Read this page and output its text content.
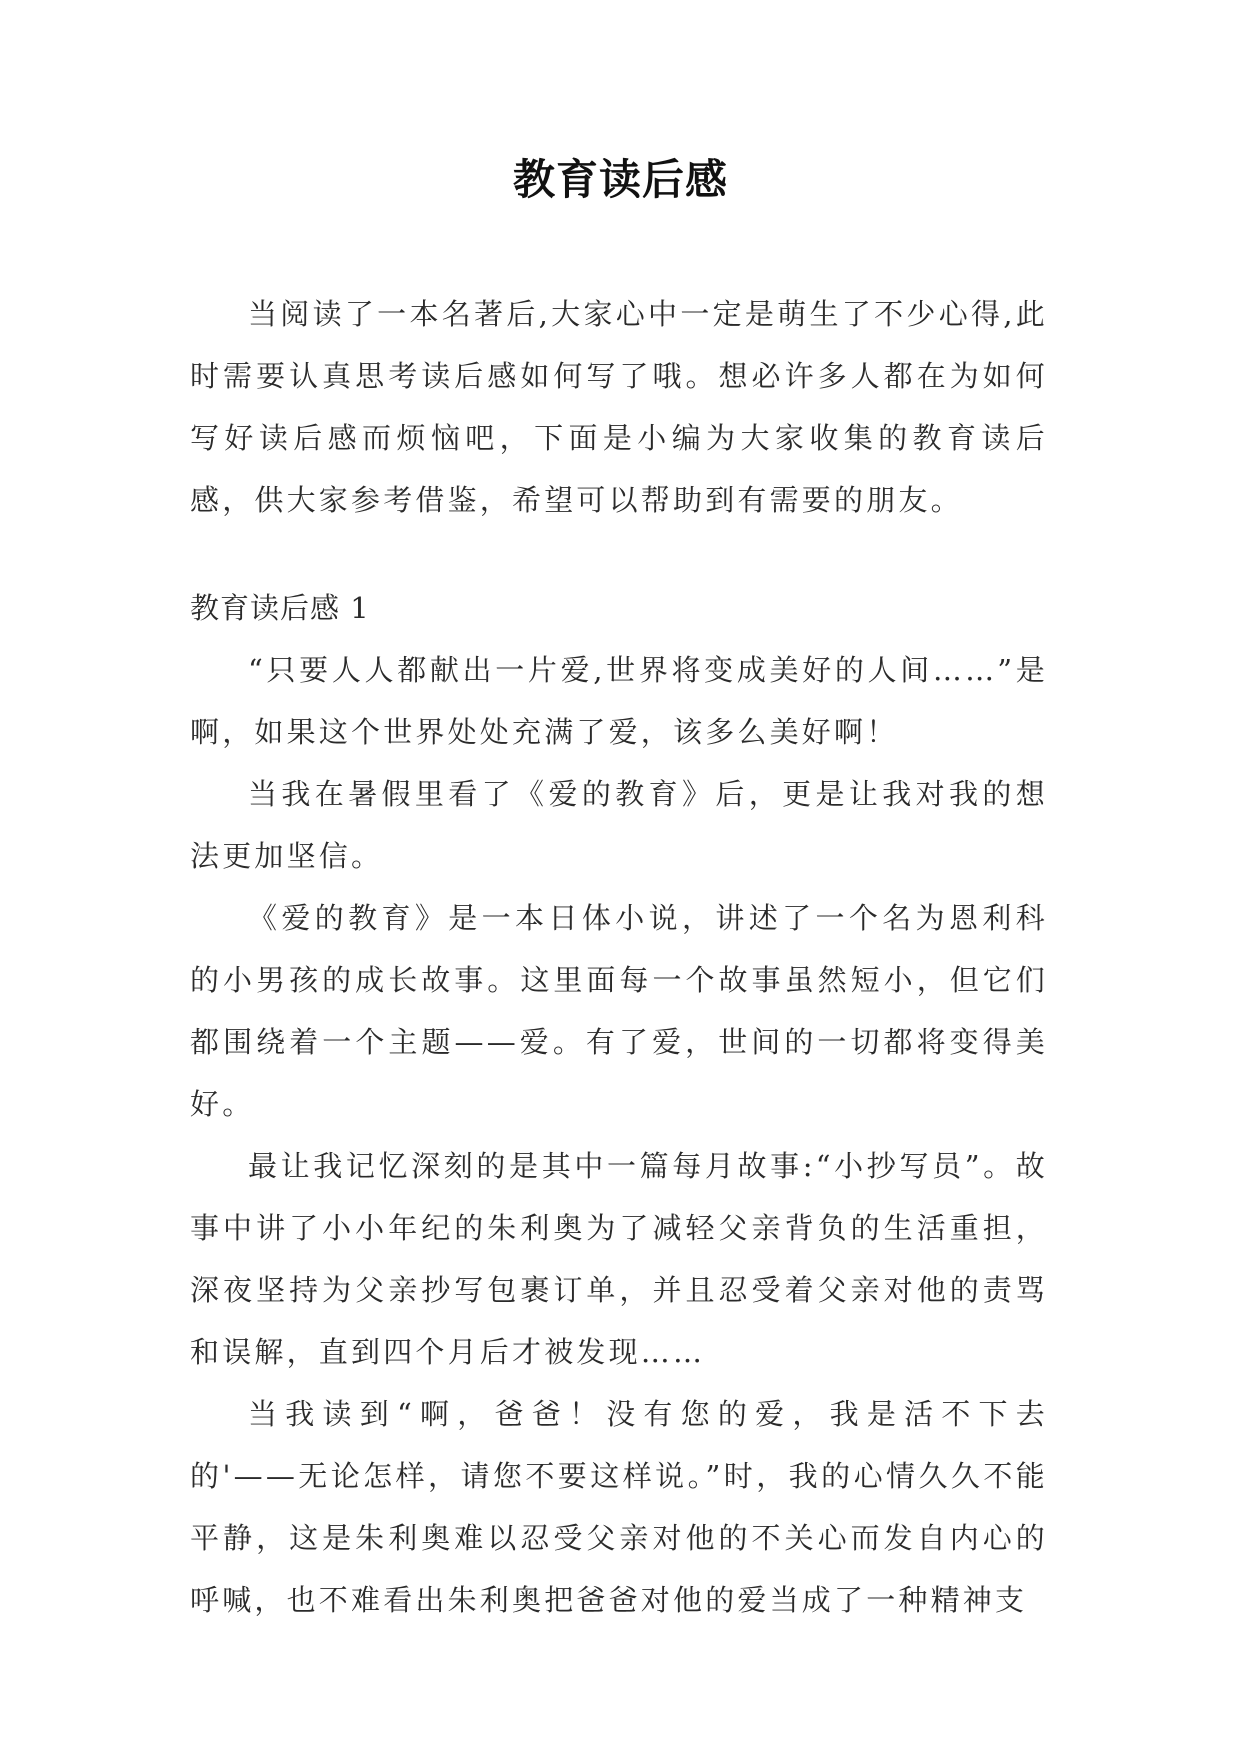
教育读后感

当阅读了一本名著后,大家心中一定是萌生了不少心得,此时需要认真思考读后感如何写了哦。想必许多人都在为如何写好读后感而烦恼吧，下面是小编为大家收集的教育读后感，供大家参考借鉴，希望可以帮助到有需要的朋友。

教育读后感 1

“只要人人都献出一片爱,世界将变成美好的人间……”是啊，如果这个世界处处充满了爱，该多么美好啊！

当我在暑假里看了《爱的教育》后，更是让我对我的想法更加坚信。

《爱的教育》是一本日体小说，讲述了一个名为恩利科的小男孩的成长故事。这里面每一个故事虽然短小，但它们都围绕着一个主题——爱。有了爱，世间的一切都将变得美好。

最让我记忆深刻的是其中一篇每月故事:“小抄写员”。故事中讲了小小年纪的朱利奥为了减轻父亲背负的生活重担，深夜坚持为父亲抄写包裹订单，并且忍受着父亲对他的责骂和误解，直到四个月后才被发现……

当我读到“啊，爸爸！没有您的爱，我是活不下去的'——无论怎样，请您不要这样说。”时，我的心情久久不能平静，这是朱利奥难以忍受父亲对他的不关心而发自内心的呼喊，也不难看出朱利奥把爸爸对他的爱当成了一种精神支
